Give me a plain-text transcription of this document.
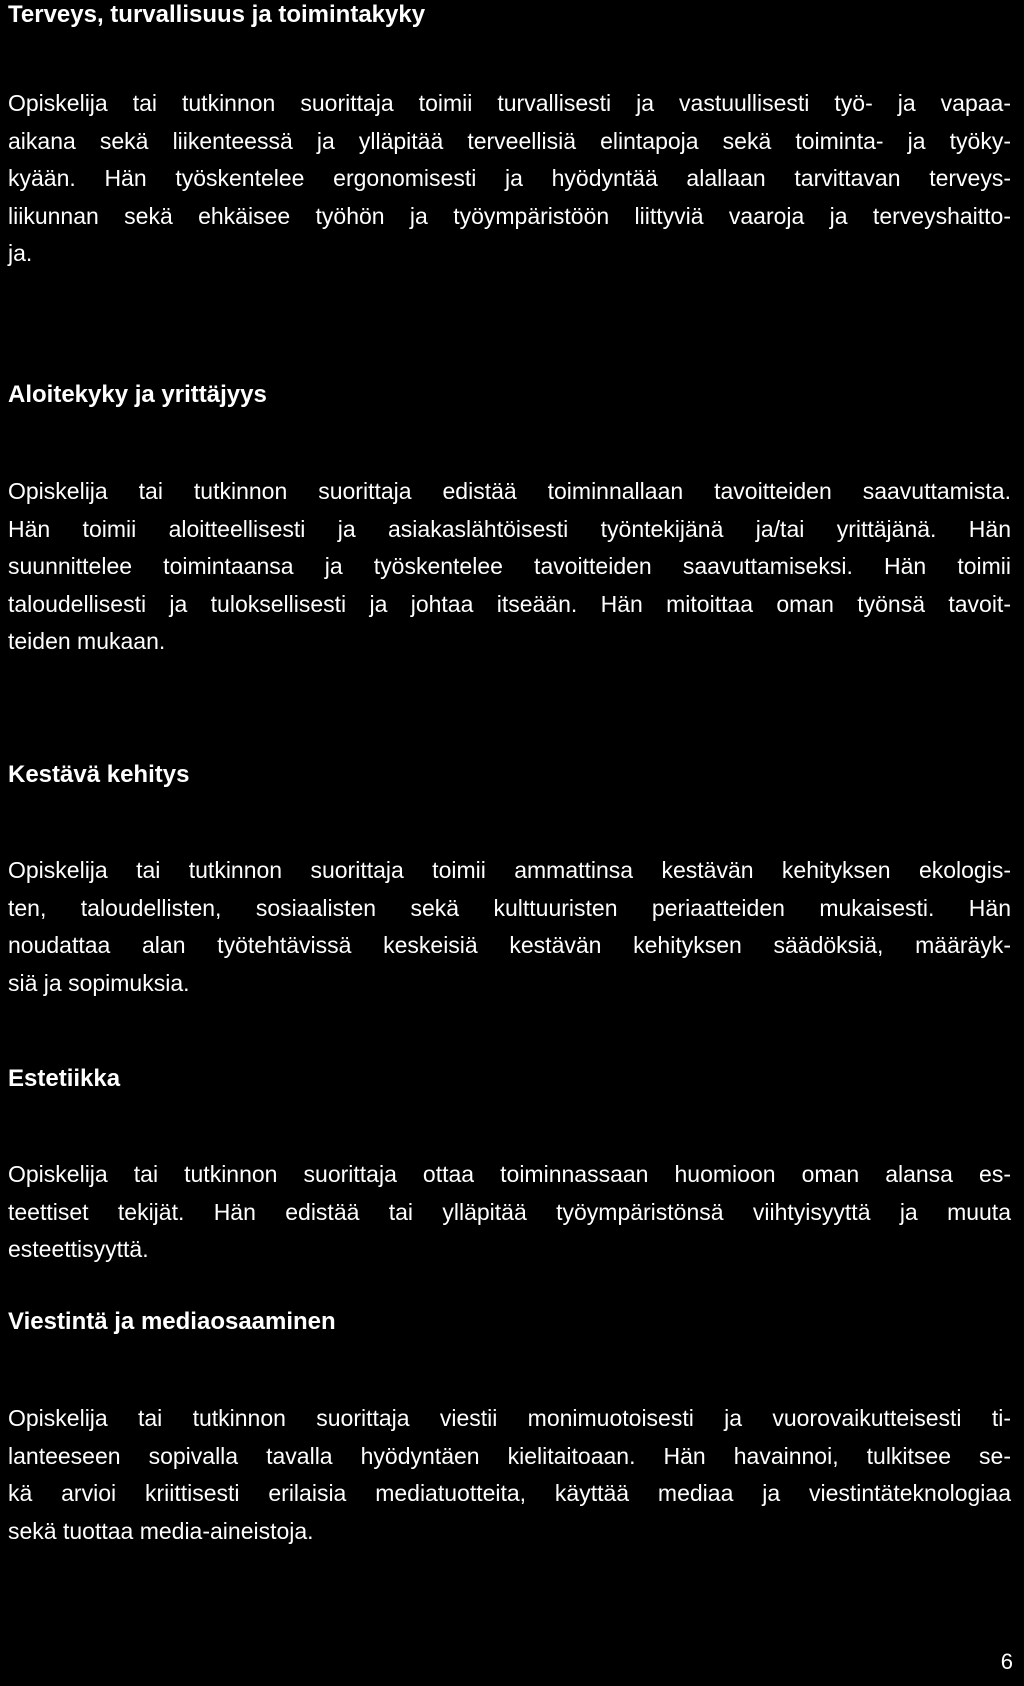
Terveys, turvallisuus ja toimintakyky

Opiskelija tai tutkinnon suorittaja toimii turvallisesti ja vastuullisesti työ- ja vapaa-
aikana sekä liikenteessä ja ylläpitää terveellisiä elintapoja sekä toiminta- ja työky-
kyään. Hän työskentelee ergonomisesti ja hyödyntää alallaan tarvittavan terveys-
liikunnan sekä ehkäisee työhön ja työympäristöön liittyviä vaaroja ja terveyshaitto-
ja.

Aloitekyky ja yrittäjyys

Opiskelija tai tutkinnon suorittaja edistää toiminnallaan tavoitteiden saavuttamista.
Hän toimii aloitteellisesti ja asiakaslähtöisesti työntekijänä ja/tai yrittäjänä. Hän
suunnittelee toimintaansa ja työskentelee tavoitteiden saavuttamiseksi. Hän toimii
taloudellisesti ja tuloksellisesti ja johtaa itseään. Hän mitoittaa oman työnsä tavoit-
teiden mukaan.

Kestävä kehitys

Opiskelija tai tutkinnon suorittaja toimii ammattinsa kestävän kehityksen ekologis-
ten, taloudellisten, sosiaalisten sekä kulttuuristen periaatteiden mukaisesti. Hän
noudattaa alan työtehtävissä keskeisiä kestävän kehityksen säädöksiä, määräyk-
siä ja sopimuksia.

Estetiikka

Opiskelija tai tutkinnon suorittaja ottaa toiminnassaan huomioon oman alansa es-
teettiset tekijät. Hän edistää tai ylläpitää työympäristönsä viihtyisyyttä ja muuta
esteettisyyttä.

Viestintä ja mediaosaaminen

Opiskelija tai tutkinnon suorittaja viestii monimuotoisesti ja vuorovaikutteisesti ti-
lanteeseen sopivalla tavalla hyödyntäen kielitaitoaan. Hän havainnoi, tulkitsee se-
kä arvioi kriittisesti erilaisia mediatuotteita, käyttää mediaa ja viestintäteknologiaa
sekä tuottaa media-aineistoja.

6
